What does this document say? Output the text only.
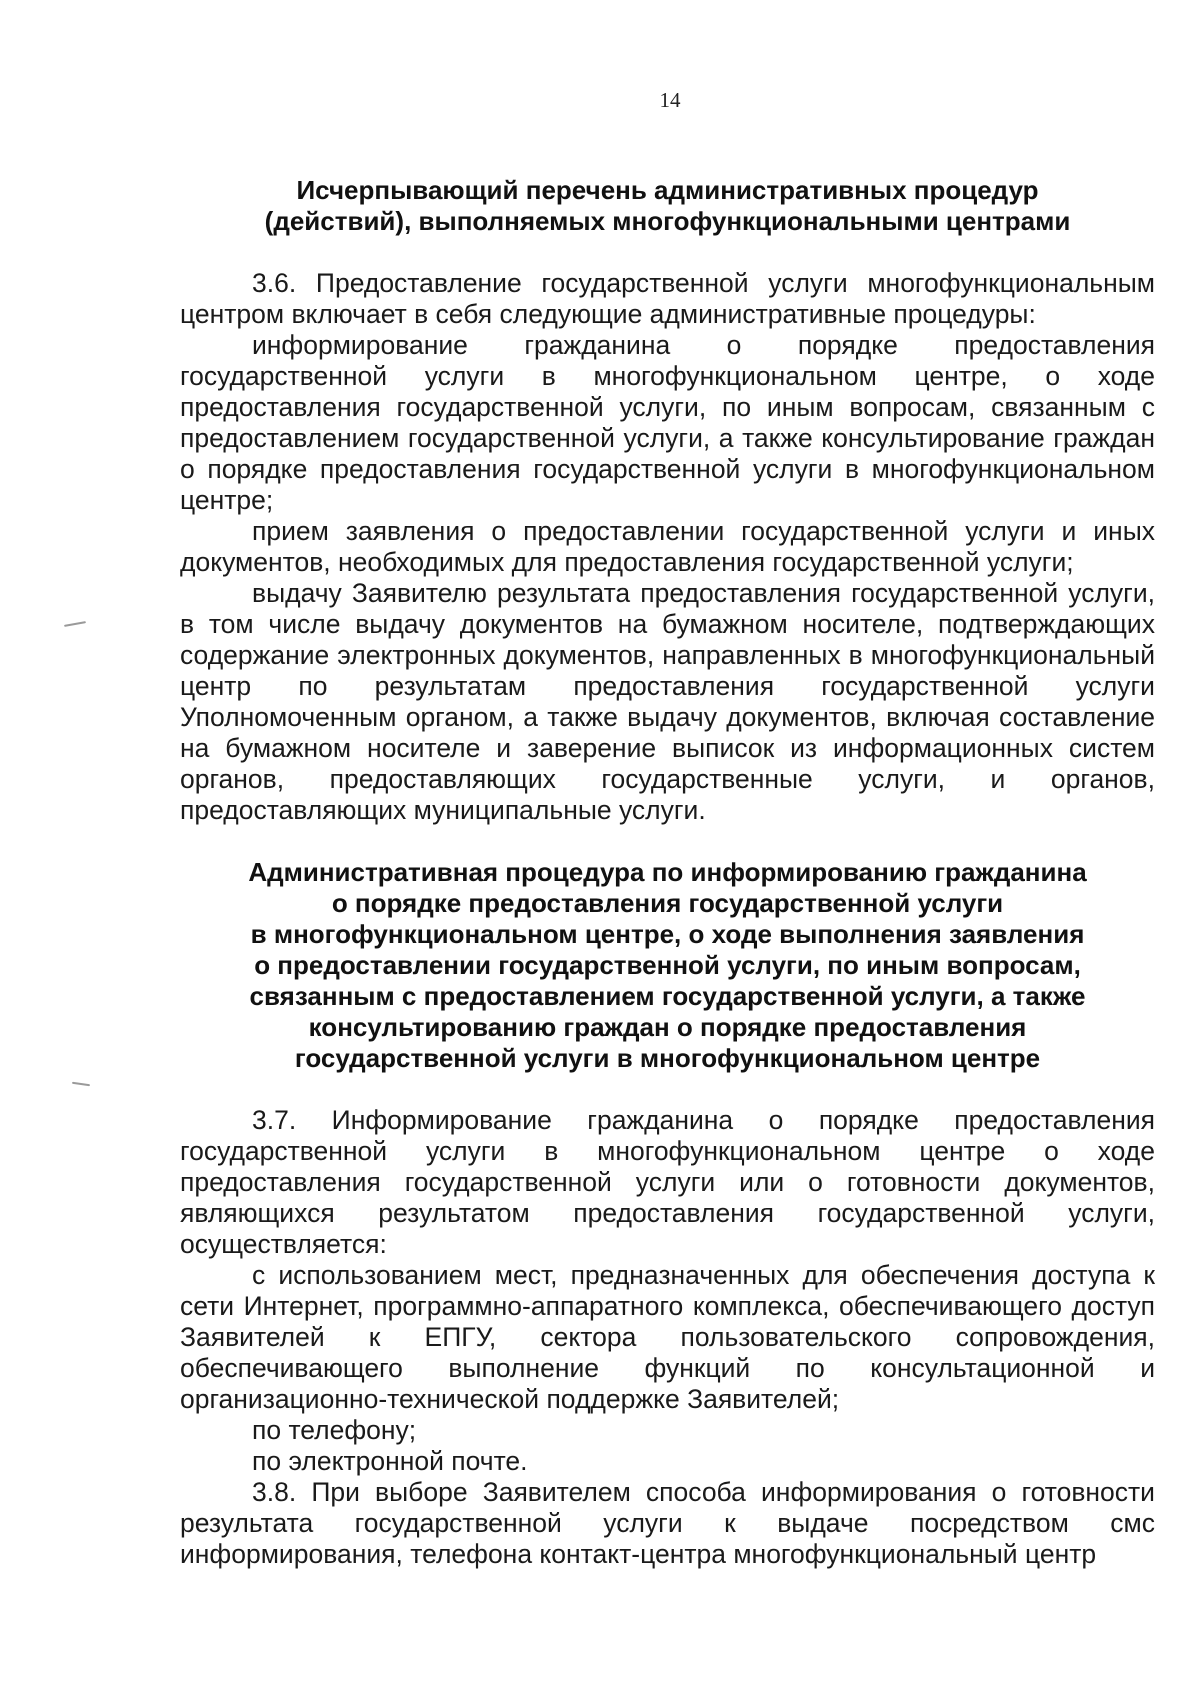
14
Исчерпывающий перечень административных процедур
(действий), выполняемых многофункциональными центрами

3.6. Предоставление государственной услуги многофункциональным центром включает в себя следующие административные процедуры:

информирование гражданина о порядке предоставления государственной услуги в многофункциональном центре, о ходе предоставления государственной услуги, по иным вопросам, связанным с предоставлением государственной услуги, а также консультирование граждан о порядке предоставления государственной услуги в многофункциональном центре;

прием заявления о предоставлении государственной услуги и иных документов, необходимых для предоставления государственной услуги;

выдачу Заявителю результата предоставления государственной услуги, в том числе выдачу документов на бумажном носителе, подтверждающих содержание электронных документов, направленных в многофункциональный центр по результатам предоставления государственной услуги Уполномоченным органом, а также выдачу документов, включая составление на бумажном носителе и заверение выписок из информационных систем органов, предоставляющих государственные услуги, и органов, предоставляющих муниципальные услуги.

Административная процедура по информированию гражданина
о порядке предоставления государственной услуги
в многофункциональном центре, о ходе выполнения заявления
о предоставлении государственной услуги, по иным вопросам,
связанным с предоставлением государственной услуги, а также
консультированию граждан о порядке предоставления
государственной услуги в многофункциональном центре

3.7. Информирование гражданина о порядке предоставления государственной услуги в многофункциональном центре о ходе предоставления государственной услуги или о готовности документов, являющихся результатом предоставления государственной услуги, осуществляется:

с использованием мест, предназначенных для обеспечения доступа к сети Интернет, программно-аппаратного комплекса, обеспечивающего доступ Заявителей к ЕПГУ, сектора пользовательского сопровождения, обеспечивающего выполнение функций по консультационной и организационно-технической поддержке Заявителей;

по телефону;

по электронной почте.

3.8. При выборе Заявителем способа информирования о готовности результата государственной услуги к выдаче посредством смс информирования, телефона контакт-центра многофункциональный центр
